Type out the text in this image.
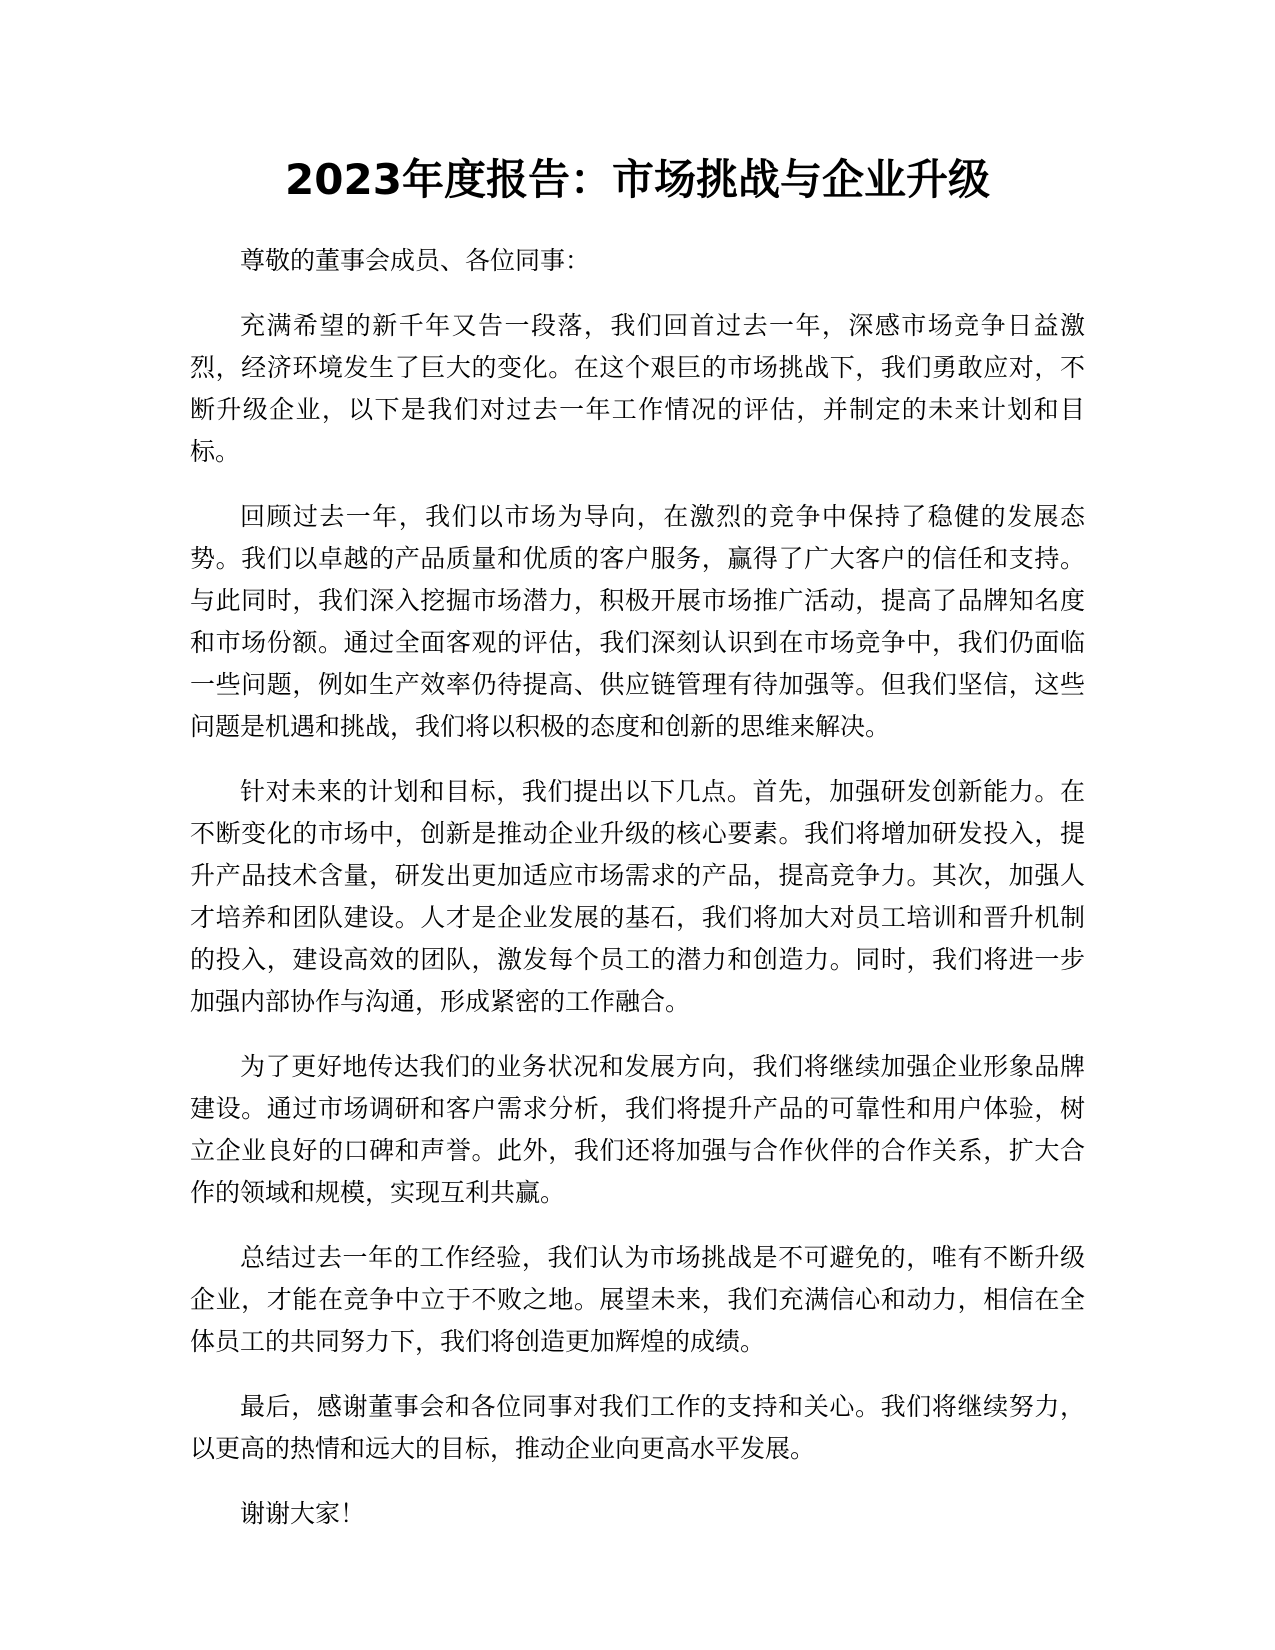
2023年度报告：市场挑战与企业升级

尊敬的董事会成员、各位同事：

充满希望的新千年又告一段落，我们回首过去一年，深感市场竞争日益激烈，经济环境发生了巨大的变化。在这个艰巨的市场挑战下，我们勇敢应对，不断升级企业，以下是我们对过去一年工作情况的评估，并制定的未来计划和目标。

回顾过去一年，我们以市场为导向，在激烈的竞争中保持了稳健的发展态势。我们以卓越的产品质量和优质的客户服务，赢得了广大客户的信任和支持。与此同时，我们深入挖掘市场潜力，积极开展市场推广活动，提高了品牌知名度和市场份额。通过全面客观的评估，我们深刻认识到在市场竞争中，我们仍面临一些问题，例如生产效率仍待提高、供应链管理有待加强等。但我们坚信，这些问题是机遇和挑战，我们将以积极的态度和创新的思维来解决。

针对未来的计划和目标，我们提出以下几点。首先，加强研发创新能力。在不断变化的市场中，创新是推动企业升级的核心要素。我们将增加研发投入，提升产品技术含量，研发出更加适应市场需求的产品，提高竞争力。其次，加强人才培养和团队建设。人才是企业发展的基石，我们将加大对员工培训和晋升机制的投入，建设高效的团队，激发每个员工的潜力和创造力。同时，我们将进一步加强内部协作与沟通，形成紧密的工作融合。

为了更好地传达我们的业务状况和发展方向，我们将继续加强企业形象品牌建设。通过市场调研和客户需求分析，我们将提升产品的可靠性和用户体验，树立企业良好的口碑和声誉。此外，我们还将加强与合作伙伴的合作关系，扩大合作的领域和规模，实现互利共赢。

总结过去一年的工作经验，我们认为市场挑战是不可避免的，唯有不断升级企业，才能在竞争中立于不败之地。展望未来，我们充满信心和动力，相信在全体员工的共同努力下，我们将创造更加辉煌的成绩。

最后，感谢董事会和各位同事对我们工作的支持和关心。我们将继续努力，以更高的热情和远大的目标，推动企业向更高水平发展。

谢谢大家！
